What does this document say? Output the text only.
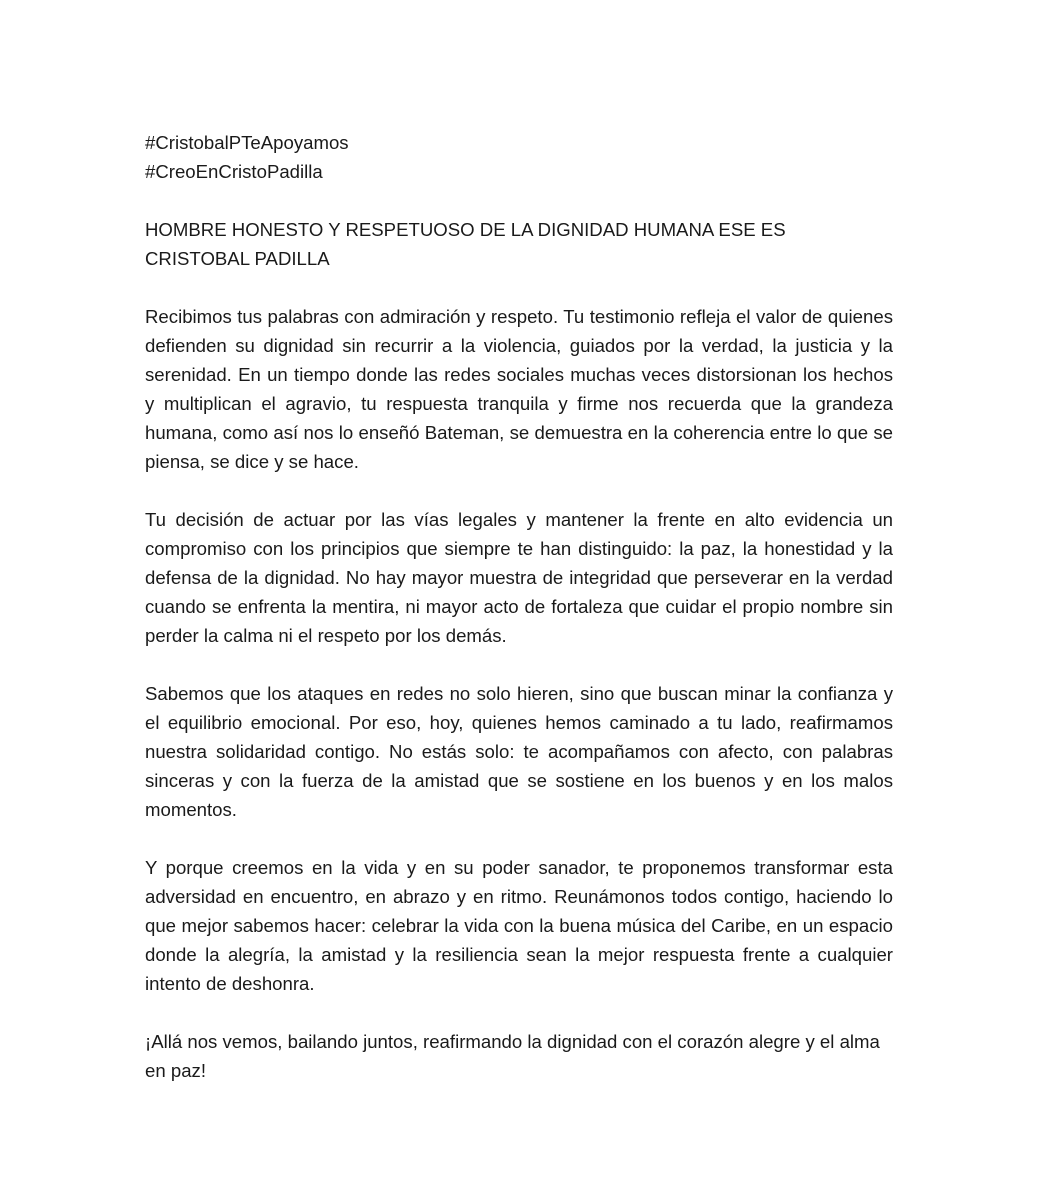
#CristobalPTeApoyamos

#CreoEnCristoPadilla

HOMBRE HONESTO Y RESPETUOSO DE LA DIGNIDAD HUMANA ESE ES CRISTOBAL PADILLA

Recibimos tus palabras con admiración y respeto. Tu testimonio refleja el valor de quienes defienden su dignidad sin recurrir a la violencia, guiados por la verdad, la justicia y la serenidad. En un tiempo donde las redes sociales muchas veces distorsionan los hechos y multiplican el agravio, tu respuesta tranquila y firme nos recuerda que la grandeza humana, como así nos lo enseñó Bateman, se demuestra en la coherencia entre lo que se piensa, se dice y se hace.

Tu decisión de actuar por las vías legales y mantener la frente en alto evidencia un compromiso con los principios que siempre te han distinguido: la paz, la honestidad y la defensa de la dignidad. No hay mayor muestra de integridad que perseverar en la verdad cuando se enfrenta la mentira, ni mayor acto de fortaleza que cuidar el propio nombre sin perder la calma ni el respeto por los demás.

Sabemos que los ataques en redes no solo hieren, sino que buscan minar la confianza y el equilibrio emocional. Por eso, hoy, quienes hemos caminado a tu lado, reafirmamos nuestra solidaridad contigo. No estás solo: te acompañamos con afecto, con palabras sinceras y con la fuerza de la amistad que se sostiene en los buenos y en los malos momentos.

Y porque creemos en la vida y en su poder sanador, te proponemos transformar esta adversidad en encuentro, en abrazo y en ritmo. Reunámonos todos contigo, haciendo lo que mejor sabemos hacer: celebrar la vida con la buena música del Caribe, en un espacio donde la alegría, la amistad y la resiliencia sean la mejor respuesta frente a cualquier intento de deshonra.

¡Allá nos vemos, bailando juntos, reafirmando la dignidad con el corazón alegre y el alma en paz!
